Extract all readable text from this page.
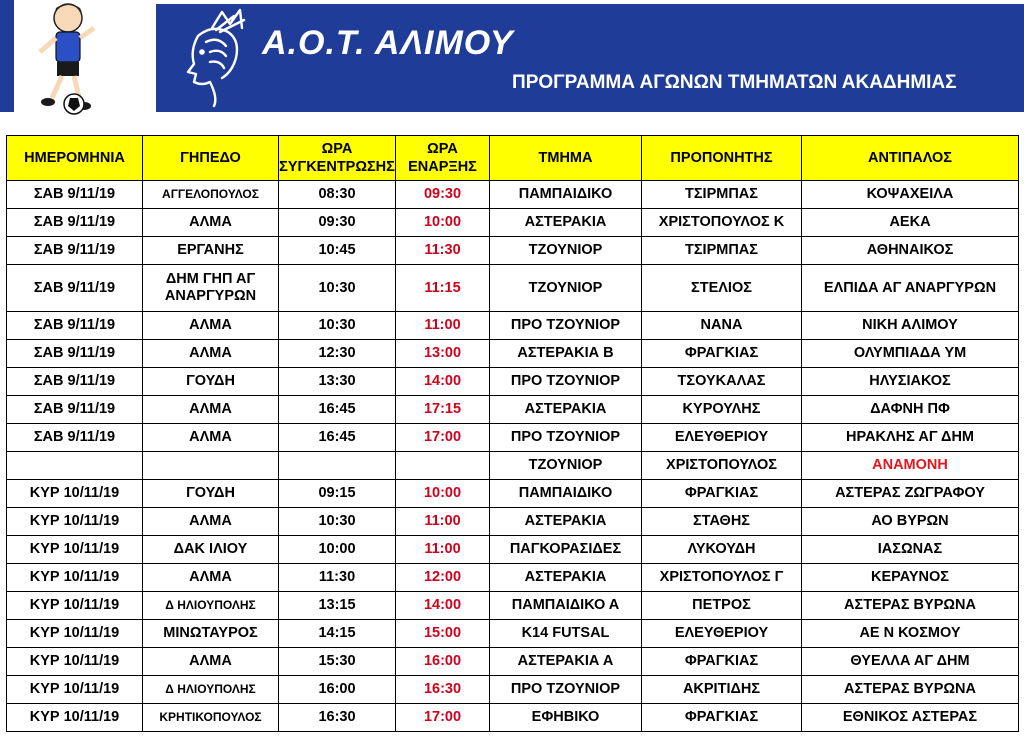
Α.Ο.Τ. ΑΛΙΜΟΥ
ΠΡΟΓΡΑΜΜΑ ΑΓΩΝΩΝ ΤΜΗΜΑΤΩΝ ΑΚΑΔΗΜΙΑΣ
ΗΜΕΡΟΜΗΝΙΑ	ΓΗΠΕΔΟ	ΩΡΑ ΣΥΓΚΕΝΤΡΩΣΗΣ	ΩΡΑ ΕΝΑΡΞΗΣ	ΤΜΗΜΑ	ΠΡΟΠΟΝΗΤΗΣ	ΑΝΤΙΠΑΛΟΣ
ΣΑΒ 9/11/19	ΑΓΓΕΛΟΠΟΥΛΟΣ	08:30	09:30	ΠΑΜΠΑΙΔΙΚΟ	ΤΣΙΡΜΠΑΣ	ΚΟΨΑΧΕΙΛΑ
ΣΑΒ 9/11/19	ΑΛΜΑ	09:30	10:00	ΑΣΤΕΡΑΚΙΑ	ΧΡΙΣΤΟΠΟΥΛΟΣ Κ	ΑΕΚΑ
ΣΑΒ 9/11/19	ΕΡΓΑΝΗΣ	10:45	11:30	ΤΖΟΥΝΙΟΡ	ΤΣΙΡΜΠΑΣ	ΑΘΗΝΑΙΚΟΣ
ΣΑΒ 9/11/19	ΔΗΜ ΓΗΠ ΑΓ ΑΝΑΡΓΥΡΩΝ	10:30	11:15	ΤΖΟΥΝΙΟΡ	ΣΤΕΛΙΟΣ	ΕΛΠΙΔΑ ΑΓ ΑΝΑΡΓΥΡΩΝ
ΣΑΒ 9/11/19	ΑΛΜΑ	10:30	11:00	ΠΡΟ ΤΖΟΥΝΙΟΡ	ΝΑΝΑ	ΝΙΚΗ ΑΛΙΜΟΥ
ΣΑΒ 9/11/19	ΑΛΜΑ	12:30	13:00	ΑΣΤΕΡΑΚΙΑ Β	ΦΡΑΓΚΙΑΣ	ΟΛΥΜΠΙΑΔΑ ΥΜ
ΣΑΒ 9/11/19	ΓΟΥΔΗ	13:30	14:00	ΠΡΟ ΤΖΟΥΝΙΟΡ	ΤΣΟΥΚΑΛΑΣ	ΗΛΥΣΙΑΚΟΣ
ΣΑΒ 9/11/19	ΑΛΜΑ	16:45	17:15	ΑΣΤΕΡΑΚΙΑ	ΚΥΡΟΥΛΗΣ	ΔΑΦΝΗ ΠΦ
ΣΑΒ 9/11/19	ΑΛΜΑ	16:45	17:00	ΠΡΟ ΤΖΟΥΝΙΟΡ	ΕΛΕΥΘΕΡΙΟΥ	ΗΡΑΚΛΗΣ ΑΓ ΔΗΜ
				ΤΖΟΥΝΙΟΡ	ΧΡΙΣΤΟΠΟΥΛΟΣ	ΑΝΑΜΟΝΗ
ΚΥΡ 10/11/19	ΓΟΥΔΗ	09:15	10:00	ΠΑΜΠΑΙΔΙΚΟ	ΦΡΑΓΚΙΑΣ	ΑΣΤΕΡΑΣ ΖΩΓΡΑΦΟΥ
ΚΥΡ 10/11/19	ΑΛΜΑ	10:30	11:00	ΑΣΤΕΡΑΚΙΑ	ΣΤΑΘΗΣ	ΑΟ ΒΥΡΩΝ
ΚΥΡ 10/11/19	ΔΑΚ ΙΛΙΟΥ	10:00	11:00	ΠΑΓΚΟΡΑΣΙΔΕΣ	ΛΥΚΟΥΔΗ	ΙΑΣΩΝΑΣ
ΚΥΡ 10/11/19	ΑΛΜΑ	11:30	12:00	ΑΣΤΕΡΑΚΙΑ	ΧΡΙΣΤΟΠΟΥΛΟΣ Γ	ΚΕΡΑΥΝΟΣ
ΚΥΡ 10/11/19	Δ ΗΛΙΟΥΠΟΛΗΣ	13:15	14:00	ΠΑΜΠΑΙΔΙΚΟ Α	ΠΕΤΡΟΣ	ΑΣΤΕΡΑΣ ΒΥΡΩΝΑ
ΚΥΡ 10/11/19	ΜΙΝΩΤΑΥΡΟΣ	14:15	15:00	Κ14 FUTSAL	ΕΛΕΥΘΕΡΙΟΥ	ΑΕ Ν ΚΟΣΜΟΥ
ΚΥΡ 10/11/19	ΑΛΜΑ	15:30	16:00	ΑΣΤΕΡΑΚΙΑ Α	ΦΡΑΓΚΙΑΣ	ΘΥΕΛΛΑ ΑΓ ΔΗΜ
ΚΥΡ 10/11/19	Δ ΗΛΙΟΥΠΟΛΗΣ	16:00	16:30	ΠΡΟ ΤΖΟΥΝΙΟΡ	ΑΚΡΙΤΙΔΗΣ	ΑΣΤΕΡΑΣ ΒΥΡΩΝΑ
ΚΥΡ 10/11/19	ΚΡΗΤΙΚΟΠΟΥΛΟΣ	16:30	17:00	ΕΦΗΒΙΚΟ	ΦΡΑΓΚΙΑΣ	ΕΘΝΙΚΟΣ ΑΣΤΕΡΑΣ
